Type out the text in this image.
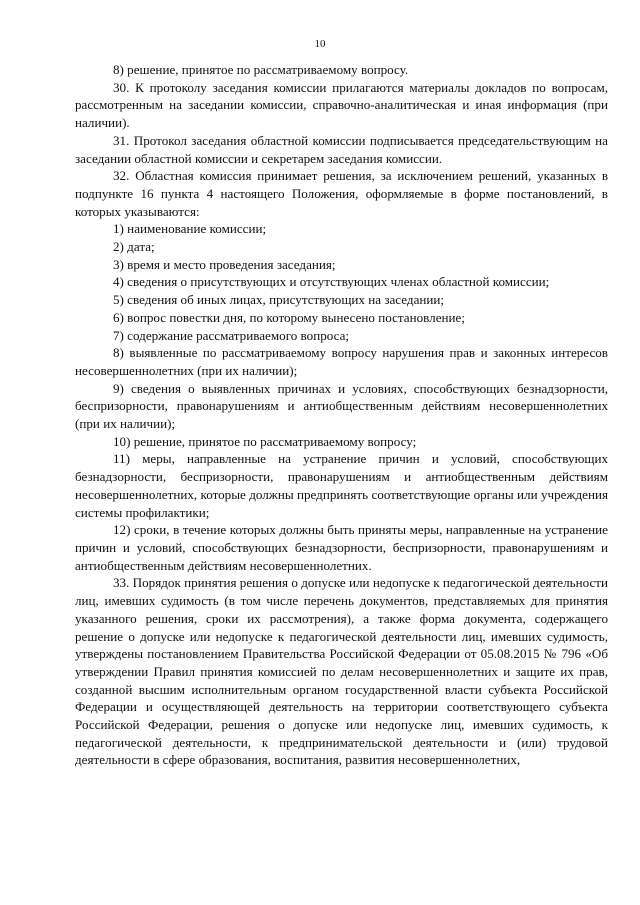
10

8) решение, принятое по рассматриваемому вопросу.

30. К протоколу заседания комиссии прилагаются материалы докладов по вопросам, рассмотренным на заседании комиссии, справочно-аналитическая и иная информация (при наличии).

31. Протокол заседания областной комиссии подписывается председательствующим на заседании областной комиссии и секретарем заседания комиссии.

32. Областная комиссия принимает решения, за исключением решений, указанных в подпункте 16 пункта 4 настоящего Положения, оформляемые в форме постановлений, в которых указываются:

1) наименование комиссии;

2) дата;

3) время и место проведения заседания;

4) сведения о присутствующих и отсутствующих членах областной комиссии;

5) сведения об иных лицах, присутствующих на заседании;

6) вопрос повестки дня, по которому вынесено постановление;

7) содержание рассматриваемого вопроса;

8) выявленные по рассматриваемому вопросу нарушения прав и законных интересов несовершеннолетних (при их наличии);

9) сведения о выявленных причинах и условиях, способствующих безнадзорности, беспризорности, правонарушениям и антиобщественным действиям несовершеннолетних (при их наличии);

10) решение, принятое по рассматриваемому вопросу;

11) меры, направленные на устранение причин и условий, способствующих безнадзорности, беспризорности, правонарушениям и антиобщественным действиям несовершеннолетних, которые должны предпринять соответствующие органы или учреждения системы профилактики;

12) сроки, в течение которых должны быть приняты меры, направленные на устранение причин и условий, способствующих безнадзорности, беспризорности, правонарушениям и антиобщественным действиям несовершеннолетних.

33. Порядок принятия решения о допуске или недопуске к педагогической деятельности лиц, имевших судимость (в том числе перечень документов, представляемых для принятия указанного решения, сроки их рассмотрения), а также форма документа, содержащего решение о допуске или недопуске к педагогической деятельности лиц, имевших судимость, утверждены постановлением Правительства Российской Федерации от 05.08.2015 № 796 «Об утверждении Правил принятия комиссией по делам несовершеннолетних и защите их прав, созданной высшим исполнительным органом государственной власти субъекта Российской Федерации и осуществляющей деятельность на территории соответствующего субъекта Российской Федерации, решения о допуске или недопуске лиц, имевших судимость, к педагогической деятельности, к предпринимательской деятельности и (или) трудовой деятельности в сфере образования, воспитания, развития несовершеннолетних,
